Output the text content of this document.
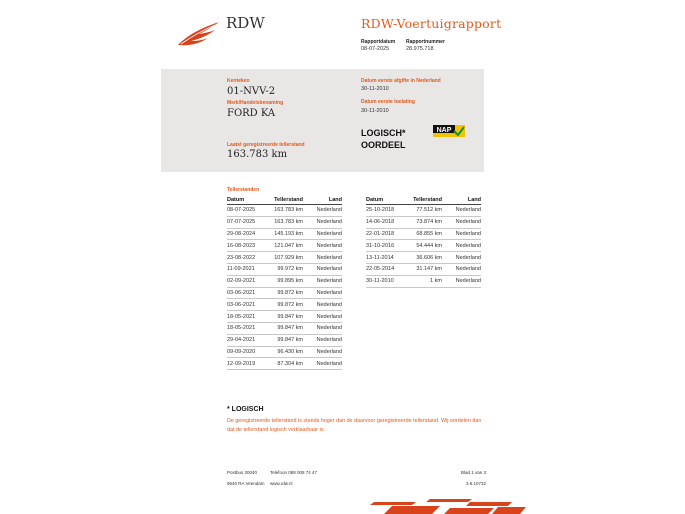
RDW	RDW-Voertuigrapport
Rapportdatum
08-07-2025
Rapportnummer
28.975.718
Kenteken
01-NVV-2
Merk/Handelsbenaming
FORD KA
Laatst geregistreerde tellerstand
163.783 km
Datum eerste afgifte in Nederland
30-11-2010
Datum eerste toelating
30-11-2010
LOGISCH*
OORDEEL
NAP
Tellerstanden
Datum	Tellerstand	Land
08-07-2025	163.783 km	Nederland
07-07-2025	163.783 km	Nederland
29-08-2024	145.193 km	Nederland
16-08-2023	121.047 km	Nederland
23-08-2022	107.929 km	Nederland
11-09-2021	99.972 km	Nederland
02-09-2021	99.895 km	Nederland
03-06-2021	99.872 km	Nederland
03-06-2021	99.872 km	Nederland
18-05-2021	99.847 km	Nederland
18-05-2021	99.847 km	Nederland
29-04-2021	99.847 km	Nederland
09-09-2020	96.430 km	Nederland
12-09-2019	87.304 km	Nederland
Datum	Tellerstand	Land
25-10-2018	77.512 km	Nederland
14-06-2018	73.874 km	Nederland
22-01-2018	68.855 km	Nederland
31-10-2016	54.444 km	Nederland
13-11-2014	36.606 km	Nederland
22-05-2014	31.147 km	Nederland
30-11-2010	1 km	Nederland
* LOGISCH
De geregistreerde tellerstand is steeds hoger dan de daarvoor geregistreerde tellerstand. Wij oordelen dan dat de tellerstand logisch verklaarbaar is.
Postbus 30040
9640 RA Veendam
Telefoon 088 008 74 47
www.rdw.nl
Blad 1 van 3
3.6.10732
